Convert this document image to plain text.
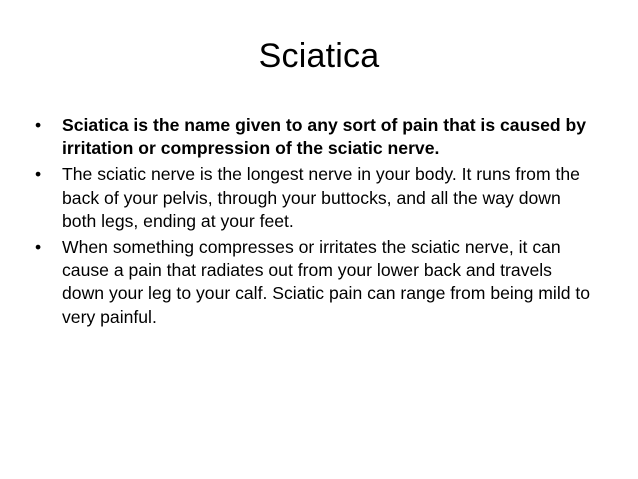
Sciatica
• Sciatica is the name given to any sort of pain that is caused by irritation or compression of the sciatic nerve.
• The sciatic nerve is the longest nerve in your body. It runs from the back of your pelvis, through your buttocks, and all the way down both legs, ending at your feet.
• When something compresses or irritates the sciatic nerve, it can cause a pain that radiates out from your lower back and travels down your leg to your calf. Sciatic pain can range from being mild to very painful.
